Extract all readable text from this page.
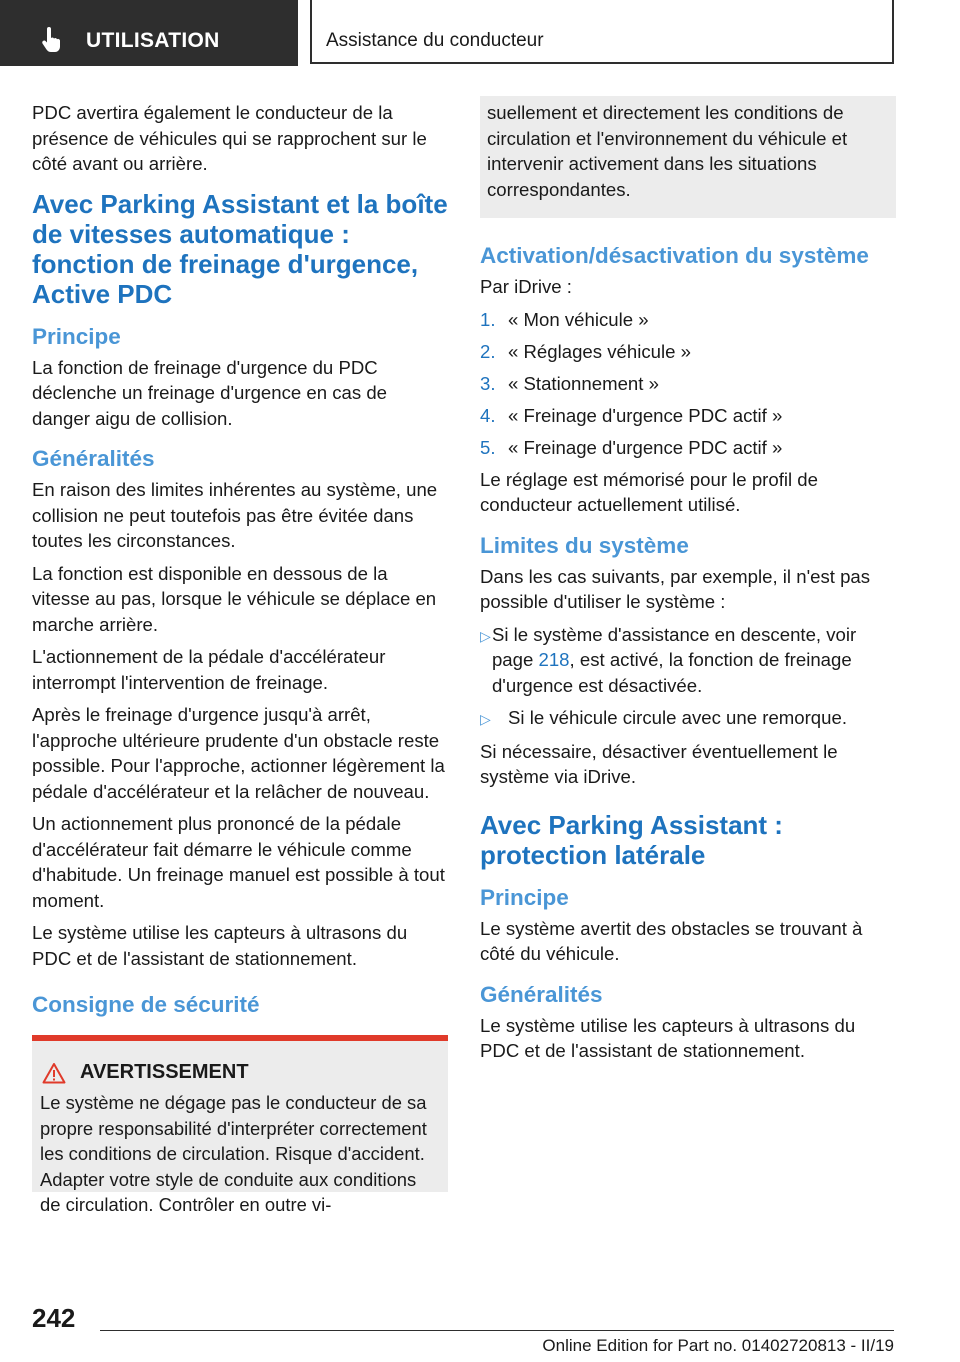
UTILISATION	Assistance du conducteur

PDC avertira également le conducteur de la présence de véhicules qui se rapprochent sur le côté avant ou arrière.

Avec Parking Assistant et la boîte de vitesses automatique : fonction de freinage d'urgence, Active PDC
Principe

La fonction de freinage d'urgence du PDC déclenche un freinage d'urgence en cas de danger aigu de collision.

Généralités

En raison des limites inhérentes au système, une collision ne peut toutefois pas être évitée dans toutes les circonstances.

La fonction est disponible en dessous de la vitesse au pas, lorsque le véhicule se déplace en marche arrière.

L'actionnement de la pédale d'accélérateur interrompt l'intervention de freinage.

Après le freinage d'urgence jusqu'à arrêt, l'approche ultérieure prudente d'un obstacle reste possible. Pour l'approche, actionner légèrement la pédale d'accélérateur et la relâcher de nouveau.

Un actionnement plus prononcé de la pédale d'accélérateur fait démarre le véhicule comme d'habitude. Un freinage manuel est possible à tout moment.

Le système utilise les capteurs à ultrasons du PDC et de l'assistant de stationnement.

Consigne de sécurité
AVERTISSEMENT

Le système ne dégage pas le conducteur de sa propre responsabilité d'interpréter correctement les conditions de circulation. Risque d'accident. Adapter votre style de conduite aux conditions de circulation. Contrôler en outre vi-

suellement et directement les conditions de circulation et l'environnement du véhicule et intervenir activement dans les situations correspondantes.

Activation/désactivation du système

Par iDrive :

1. « Mon véhicule »
2. « Réglages véhicule »
3. « Stationnement »
4. « Freinage d'urgence PDC actif »
5. « Freinage d'urgence PDC actif »

Le réglage est mémorisé pour le profil de conducteur actuellement utilisé.

Limites du système

Dans les cas suivants, par exemple, il n'est pas possible d'utiliser le système :

▷ Si le système d'assistance en descente, voir page 218, est activé, la fonction de freinage d'urgence est désactivée.
▷ Si le véhicule circule avec une remorque.

Si nécessaire, désactiver éventuellement le système via iDrive.

Avec Parking Assistant : protection latérale
Principe

Le système avertit des obstacles se trouvant à côté du véhicule.

Généralités

Le système utilise les capteurs à ultrasons du PDC et de l'assistant de stationnement.

242
Online Edition for Part no. 01402720813 - II/19
